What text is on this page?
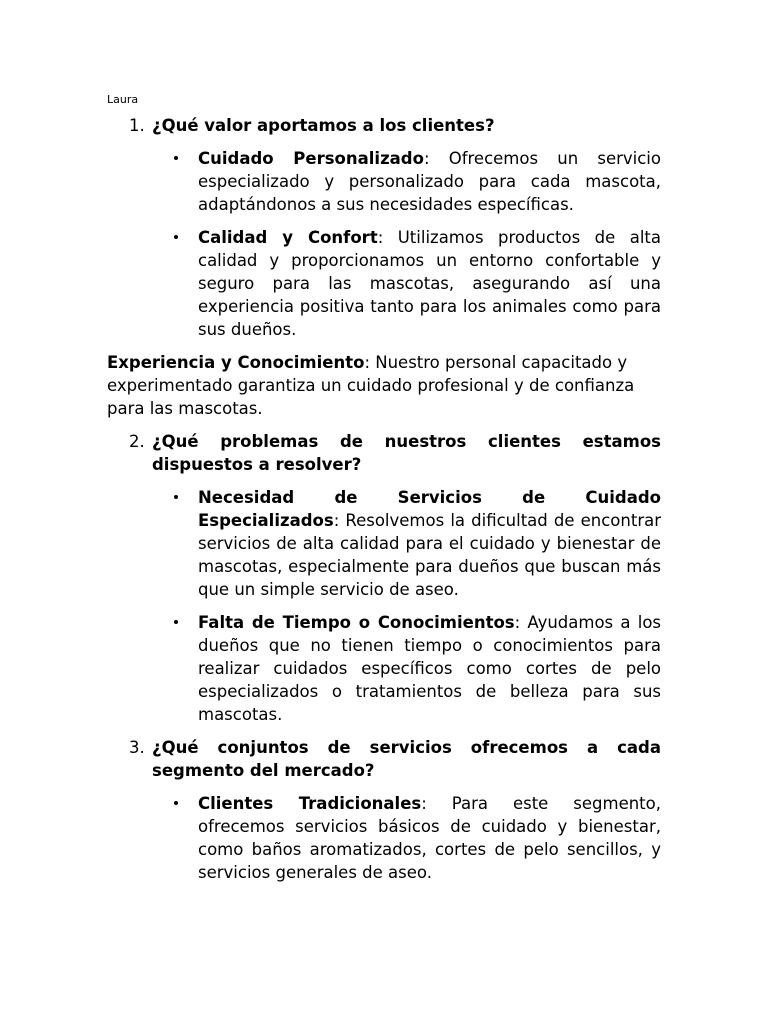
Laura
1. ¿Qué valor aportamos a los clientes?
Cuidado Personalizado: Ofrecemos un servicio especializado y personalizado para cada mascota, adaptándonos a sus necesidades específicas.
Calidad y Confort: Utilizamos productos de alta calidad y proporcionamos un entorno confortable y seguro para las mascotas, asegurando así una experiencia positiva tanto para los animales como para sus dueños.

Experiencia y Conocimiento: Nuestro personal capacitado y experimentado garantiza un cuidado profesional y de confianza para las mascotas.

2. ¿Qué problemas de nuestros clientes estamos dispuestos a resolver?
Necesidad de Servicios de Cuidado Especializados: Resolvemos la dificultad de encontrar servicios de alta calidad para el cuidado y bienestar de mascotas, especialmente para dueños que buscan más que un simple servicio de aseo.
Falta de Tiempo o Conocimientos: Ayudamos a los dueños que no tienen tiempo o conocimientos para realizar cuidados específicos como cortes de pelo especializados o tratamientos de belleza para sus mascotas.
3. ¿Qué conjuntos de servicios ofrecemos a cada segmento del mercado?
Clientes Tradicionales: Para este segmento, ofrecemos servicios básicos de cuidado y bienestar, como baños aromatizados, cortes de pelo sencillos, y servicios generales de aseo.
